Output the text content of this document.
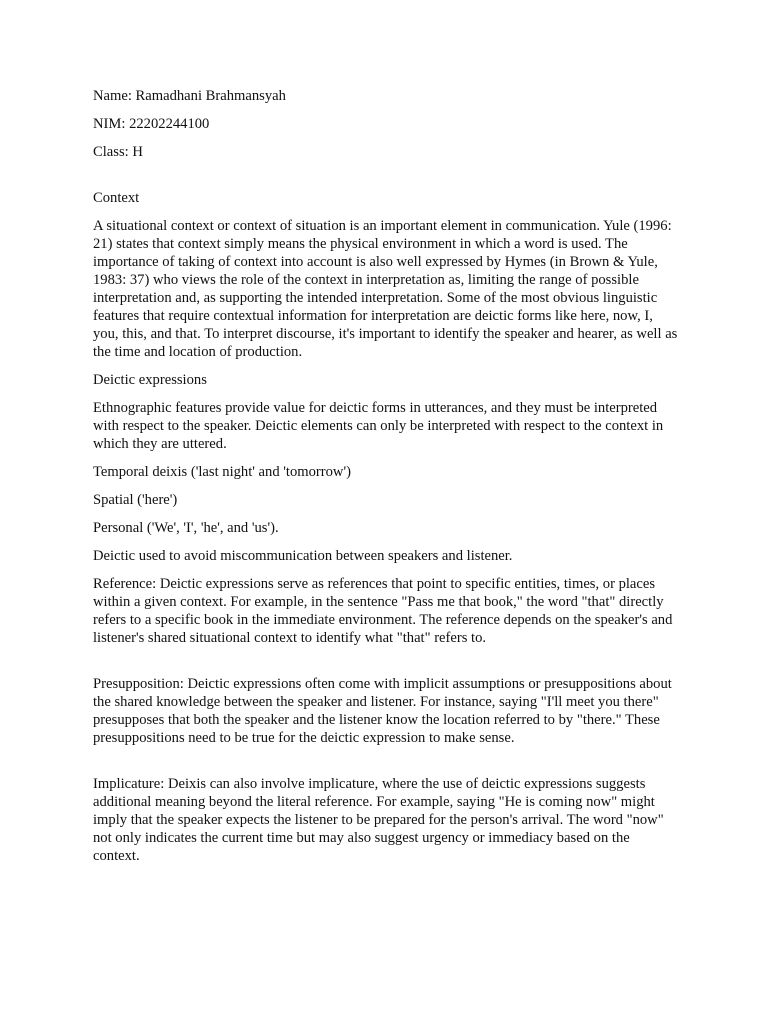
Name: Ramadhani Brahmansyah

NIM: 22202244100

Class: H

Context

A situational context or context of situation is an important element in communication. Yule (1996: 21) states that context simply means the physical environment in which a word is used. The importance of taking of context into account is also well expressed by Hymes (in Brown & Yule, 1983: 37) who views the role of the context in interpretation as, limiting the range of possible interpretation and, as supporting the intended interpretation. Some of the most obvious linguistic features that require contextual information for interpretation are deictic forms like here, now, I, you, this, and that. To interpret discourse, it's important to identify the speaker and hearer, as well as the time and location of production.

Deictic expressions

Ethnographic features provide value for deictic forms in utterances, and they must be interpreted with respect to the speaker. Deictic elements can only be interpreted with respect to the context in which they are uttered.

Temporal deixis ('last night' and 'tomorrow')

Spatial ('here')

Personal ('We', 'I', 'he', and 'us').

Deictic used to avoid miscommunication between speakers and listener.

Reference: Deictic expressions serve as references that point to specific entities, times, or places within a given context. For example, in the sentence "Pass me that book," the word "that" directly refers to a specific book in the immediate environment. The reference depends on the speaker's and listener's shared situational context to identify what "that" refers to.

Presupposition: Deictic expressions often come with implicit assumptions or presuppositions about the shared knowledge between the speaker and listener. For instance, saying "I'll meet you there" presupposes that both the speaker and the listener know the location referred to by "there." These presuppositions need to be true for the deictic expression to make sense.

Implicature: Deixis can also involve implicature, where the use of deictic expressions suggests additional meaning beyond the literal reference. For example, saying "He is coming now" might imply that the speaker expects the listener to be prepared for the person's arrival. The word "now" not only indicates the current time but may also suggest urgency or immediacy based on the context.
